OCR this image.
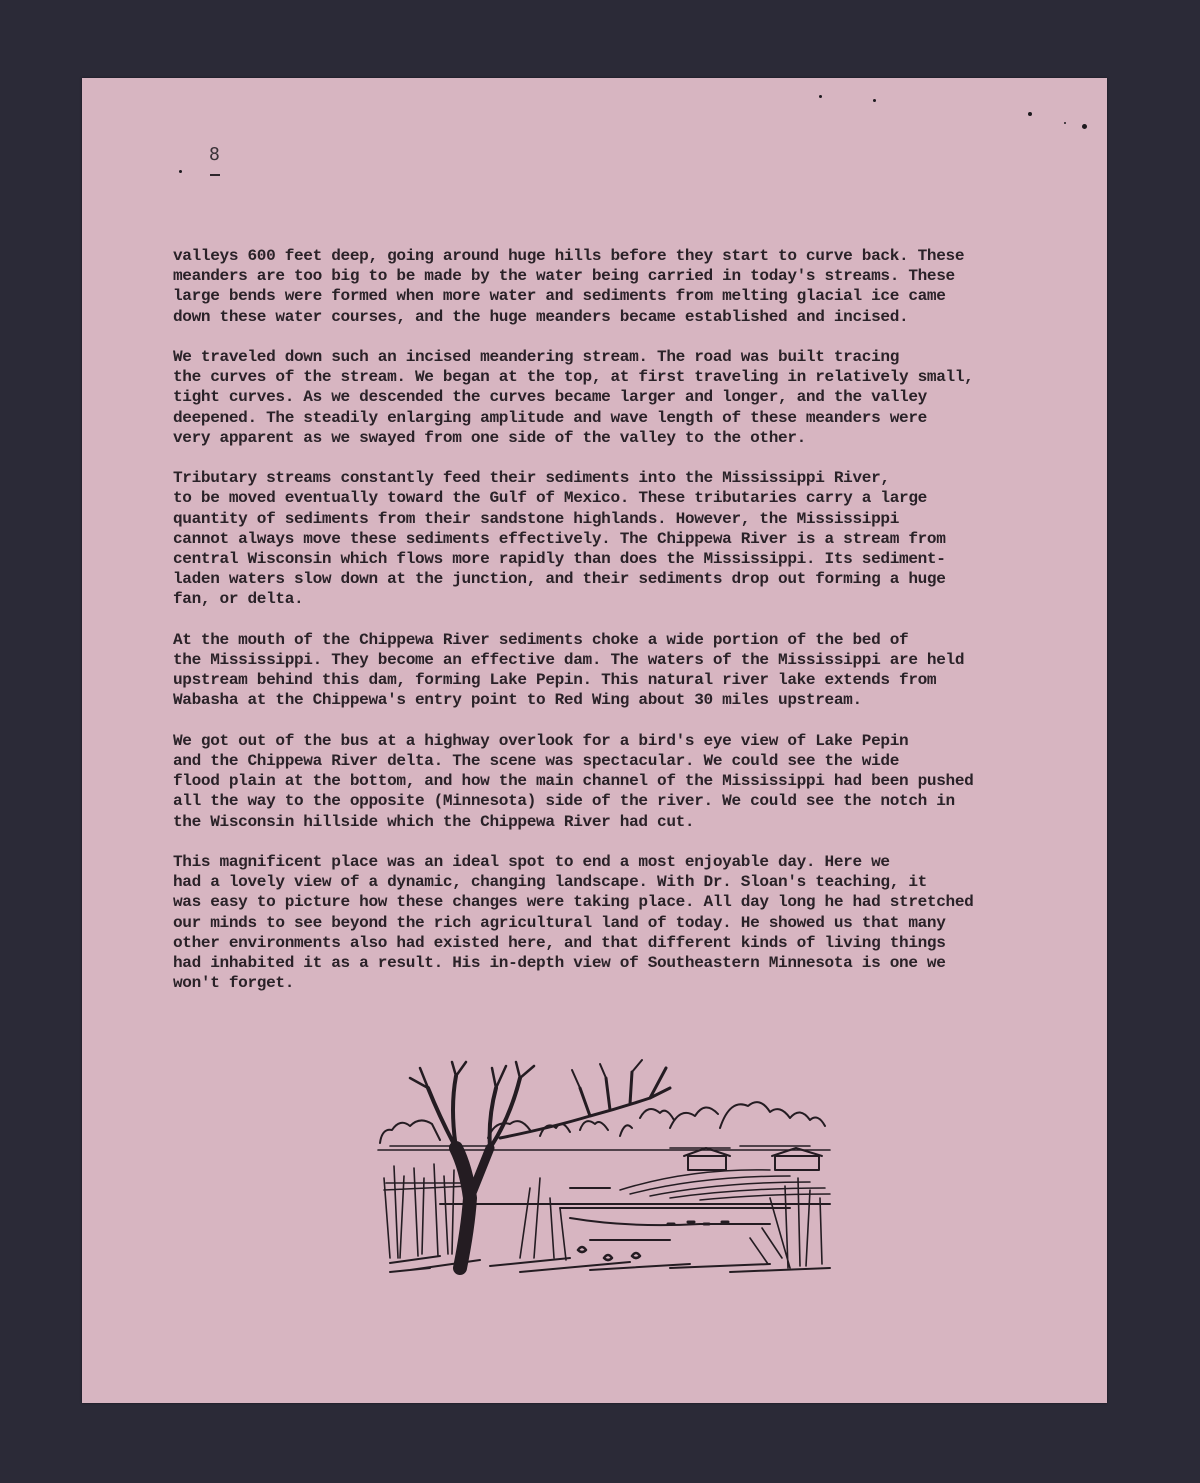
8
valleys 600 feet deep, going around huge hills before they start to curve back. These
meanders are too big to be made by the water being carried in today's streams. These
large bends were formed when more water and sediments from melting glacial ice came
down these water courses, and the huge meanders became established and incised.
We traveled down such an incised meandering stream. The road was built tracing
the curves of the stream. We began at the top, at first traveling in relatively small,
tight curves. As we descended the curves became larger and longer, and the valley
deepened. The steadily enlarging amplitude and wave length of these meanders were
very apparent as we swayed from one side of the valley to the other.
Tributary streams constantly feed their sediments into the Mississippi River,
to be moved eventually toward the Gulf of Mexico. These tributaries carry a large
quantity of sediments from their sandstone highlands. However, the Mississippi
cannot always move these sediments effectively. The Chippewa River is a stream from
central Wisconsin which flows more rapidly than does the Mississippi. Its sediment-
laden waters slow down at the junction, and their sediments drop out forming a huge
fan, or delta.
At the mouth of the Chippewa River sediments choke a wide portion of the bed of
the Mississippi. They become an effective dam. The waters of the Mississippi are held
upstream behind this dam, forming Lake Pepin. This natural river lake extends from
Wabasha at the Chippewa's entry point to Red Wing about 30 miles upstream.
We got out of the bus at a highway overlook for a bird's eye view of Lake Pepin
and the Chippewa River delta. The scene was spectacular. We could see the wide
flood plain at the bottom, and how the main channel of the Mississippi had been pushed
all the way to the opposite (Minnesota) side of the river. We could see the notch in
the Wisconsin hillside which the Chippewa River had cut.
This magnificent place was an ideal spot to end a most enjoyable day. Here we
had a lovely view of a dynamic, changing landscape. With Dr. Sloan's teaching, it
was easy to picture how these changes were taking place. All day long he had stretched
our minds to see beyond the rich agricultural land of today. He showed us that many
other environments also had existed here, and that different kinds of living things
had inhabited it as a result. His in-depth view of Southeastern Minnesota is one we
won't forget.
